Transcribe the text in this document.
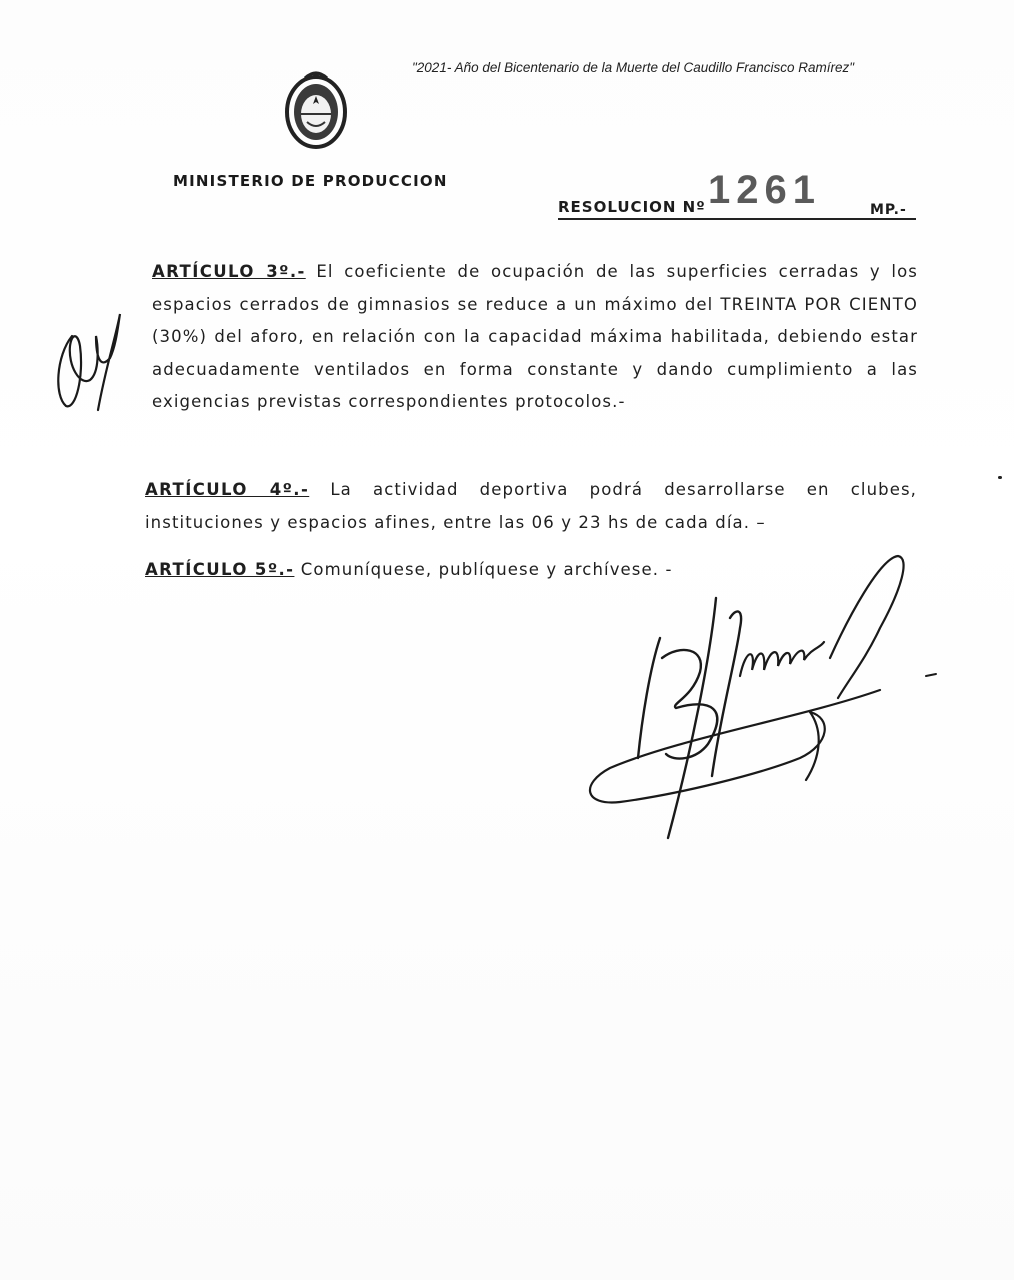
"2021- Año del Bicentenario de la Muerte del Caudillo Francisco Ramírez"
MINISTERIO DE PRODUCCION
RESOLUCION Nº 1261	MP.-
ARTÍCULO 3º.- El coeficiente de ocupación de las superficies cerradas y los espacios cerrados de gimnasios se reduce a un máximo del TREINTA POR CIENTO (30%) del aforo, en relación con la capacidad máxima habilitada, debiendo estar adecuadamente ventilados en forma constante y dando cumplimiento a las exigencias previstas correspondientes protocolos.-
ARTÍCULO 4º.- La actividad deportiva podrá desarrollarse en clubes, instituciones y espacios afines, entre las 06 y 23 hs de cada día. –
ARTÍCULO 5º.- Comuníquese, publíquese y archívese. -
